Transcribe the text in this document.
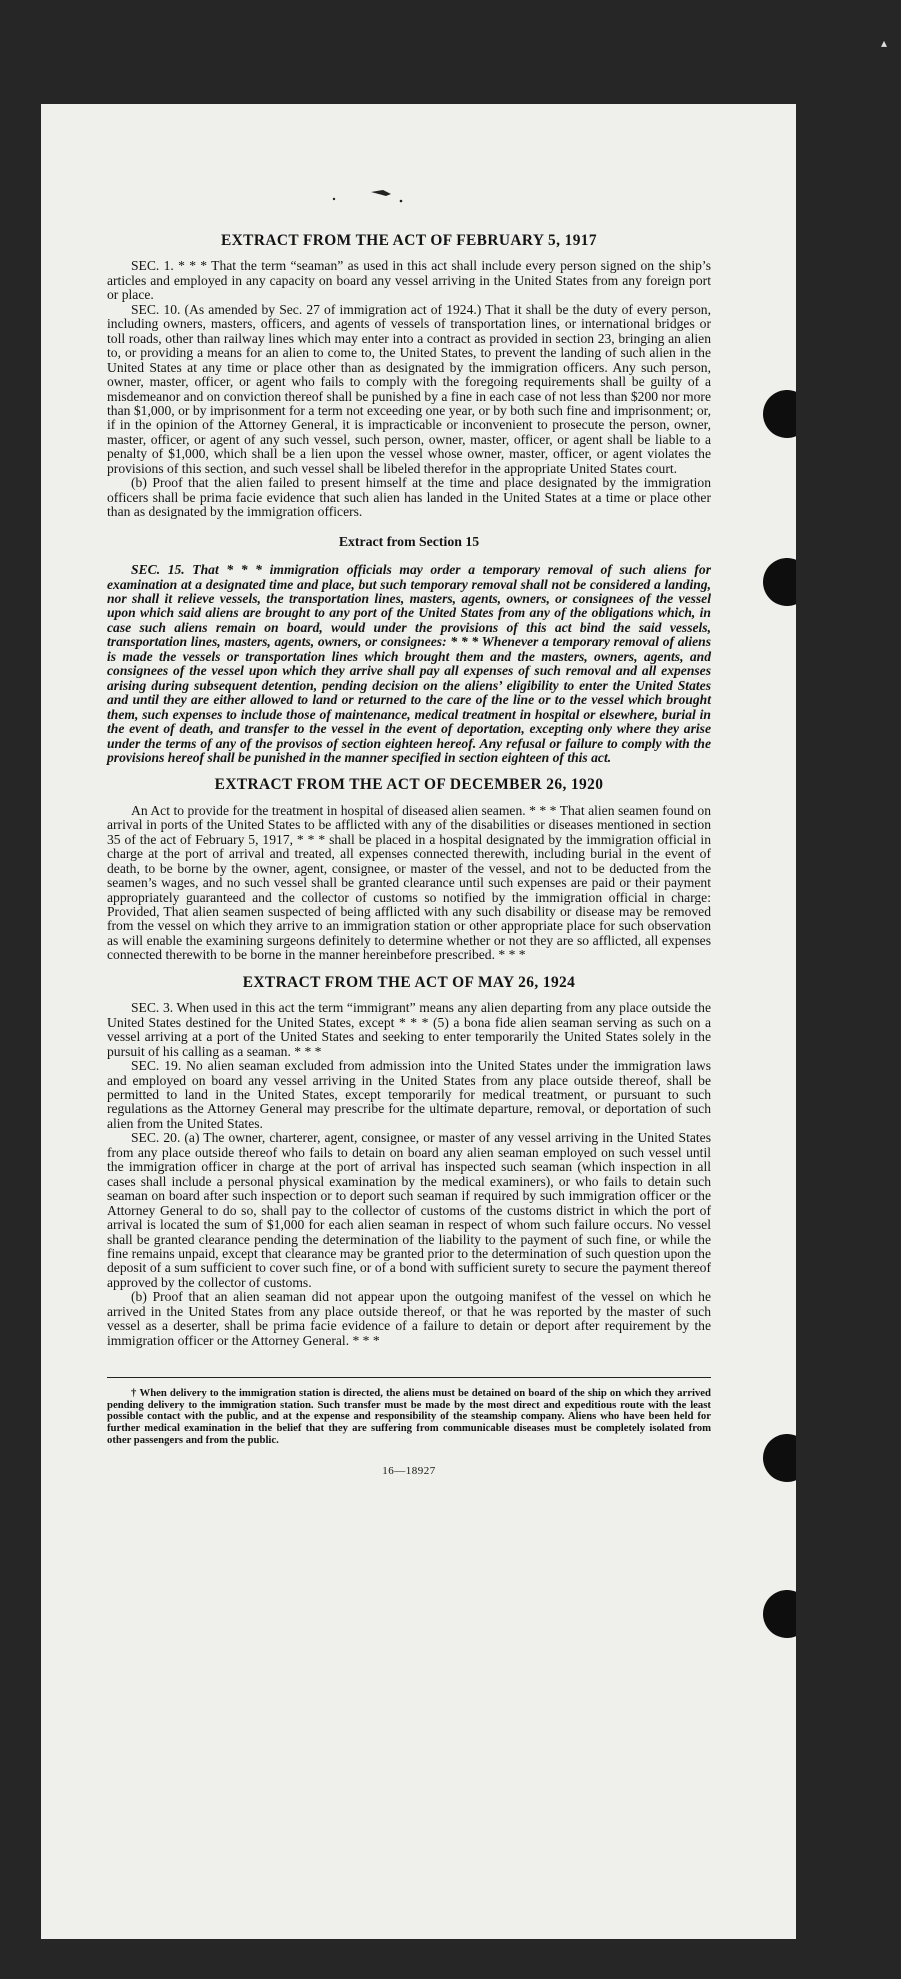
▴
EXTRACT FROM THE ACT OF FEBRUARY 5, 1917

SEC. 1. * * * That the term “seaman” as used in this act shall include every person signed on the ship’s articles and employed in any capacity on board any vessel arriving in the United States from any foreign port or place.

SEC. 10. (As amended by Sec. 27 of immigration act of 1924.) That it shall be the duty of every person, including owners, masters, officers, and agents of vessels of transportation lines, or international bridges or toll roads, other than railway lines which may enter into a contract as provided in section 23, bringing an alien to, or providing a means for an alien to come to, the United States, to prevent the landing of such alien in the United States at any time or place other than as designated by the immigration officers. Any such person, owner, master, officer, or agent who fails to comply with the foregoing requirements shall be guilty of a misdemeanor and on conviction thereof shall be punished by a fine in each case of not less than $200 nor more than $1,000, or by imprisonment for a term not exceeding one year, or by both such fine and imprisonment; or, if in the opinion of the Attorney General, it is impracticable or inconvenient to prosecute the person, owner, master, officer, or agent of any such vessel, such person, owner, master, officer, or agent shall be liable to a penalty of $1,000, which shall be a lien upon the vessel whose owner, master, officer, or agent violates the provisions of this section, and such vessel shall be libeled therefor in the appropriate United States court.

(b) Proof that the alien failed to present himself at the time and place designated by the immigration officers shall be prima facie evidence that such alien has landed in the United States at a time or place other than as designated by the immigration officers.

Extract from Section 15

SEC. 15. That * * * immigration officials may order a temporary removal of such aliens for examination at a designated time and place, but such temporary removal shall not be considered a landing, nor shall it relieve vessels, the transportation lines, masters, agents, owners, or consignees of the vessel upon which said aliens are brought to any port of the United States from any of the obligations which, in case such aliens remain on board, would under the provisions of this act bind the said vessels, transportation lines, masters, agents, owners, or consignees: * * * Whenever a temporary removal of aliens is made the vessels or transportation lines which brought them and the masters, owners, agents, and consignees of the vessel upon which they arrive shall pay all expenses of such removal and all expenses arising during subsequent detention, pending decision on the aliens’ eligibility to enter the United States and until they are either allowed to land or returned to the care of the line or to the vessel which brought them, such expenses to include those of maintenance, medical treatment in hospital or elsewhere, burial in the event of death, and transfer to the vessel in the event of deportation, excepting only where they arise under the terms of any of the provisos of section eighteen hereof. Any refusal or failure to comply with the provisions hereof shall be punished in the manner specified in section eighteen of this act.

EXTRACT FROM THE ACT OF DECEMBER 26, 1920

An Act to provide for the treatment in hospital of diseased alien seamen. * * * That alien seamen found on arrival in ports of the United States to be afflicted with any of the disabilities or diseases mentioned in section 35 of the act of February 5, 1917, * * * shall be placed in a hospital designated by the immigration official in charge at the port of arrival and treated, all expenses connected therewith, including burial in the event of death, to be borne by the owner, agent, consignee, or master of the vessel, and not to be deducted from the seamen’s wages, and no such vessel shall be granted clearance until such expenses are paid or their payment appropriately guaranteed and the collector of customs so notified by the immigration official in charge: Provided, That alien seamen suspected of being afflicted with any such disability or disease may be removed from the vessel on which they arrive to an immigration station or other appropriate place for such observation as will enable the examining surgeons definitely to determine whether or not they are so afflicted, all expenses connected therewith to be borne in the manner hereinbefore prescribed. * * *

EXTRACT FROM THE ACT OF MAY 26, 1924

SEC. 3. When used in this act the term “immigrant” means any alien departing from any place outside the United States destined for the United States, except * * * (5) a bona fide alien seaman serving as such on a vessel arriving at a port of the United States and seeking to enter temporarily the United States solely in the pursuit of his calling as a seaman. * * *

SEC. 19. No alien seaman excluded from admission into the United States under the immigration laws and employed on board any vessel arriving in the United States from any place outside thereof, shall be permitted to land in the United States, except temporarily for medical treatment, or pursuant to such regulations as the Attorney General may prescribe for the ultimate departure, removal, or deportation of such alien from the United States.

SEC. 20. (a) The owner, charterer, agent, consignee, or master of any vessel arriving in the United States from any place outside thereof who fails to detain on board any alien seaman employed on such vessel until the immigration officer in charge at the port of arrival has inspected such seaman (which inspection in all cases shall include a personal physical examination by the medical examiners), or who fails to detain such seaman on board after such inspection or to deport such seaman if required by such immigration officer or the Attorney General to do so, shall pay to the collector of customs of the customs district in which the port of arrival is located the sum of $1,000 for each alien seaman in respect of whom such failure occurs. No vessel shall be granted clearance pending the determination of the liability to the payment of such fine, or while the fine remains unpaid, except that clearance may be granted prior to the determination of such question upon the deposit of a sum sufficient to cover such fine, or of a bond with sufficient surety to secure the payment thereof approved by the collector of customs.

(b) Proof that an alien seaman did not appear upon the outgoing manifest of the vessel on which he arrived in the United States from any place outside thereof, or that he was reported by the master of such vessel as a deserter, shall be prima facie evidence of a failure to detain or deport after requirement by the immigration officer or the Attorney General. * * *

† When delivery to the immigration station is directed, the aliens must be detained on board of the ship on which they arrived pending delivery to the immigration station. Such transfer must be made by the most direct and expeditious route with the least possible contact with the public, and at the expense and responsibility of the steamship company. Aliens who have been held for further medical examination in the belief that they are suffering from communicable diseases must be completely isolated from other passengers and from the public.

16—18927
